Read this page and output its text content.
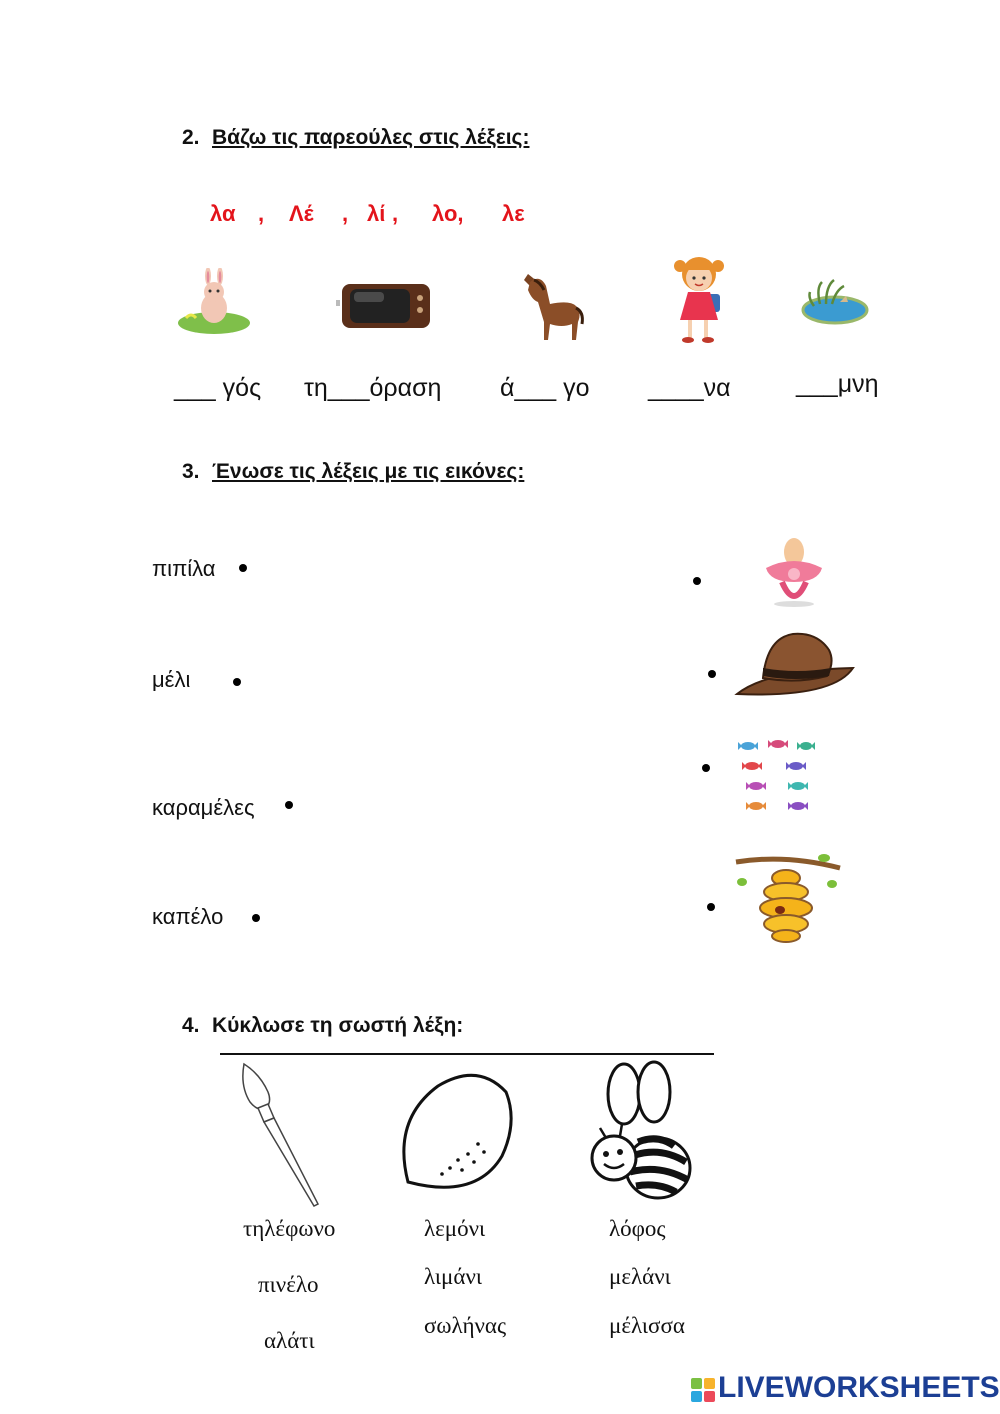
2. Βάζω τις παρεούλες στις λέξεις:
λα , Λέ , λί , λο, λε
___ γός τη___όραση ά___ γο ____να	___μνη
3. Ένωσε τις λέξεις με τις εικόνες:
πιπίλα
μέλι
καραμέλες
καπέλο
4. Κύκλωσε τη σωστή λέξη:
τηλέφωνο
πινέλο
αλάτι
λεμόνι
λιμάνι
σωλήνας
λόφος
μελάνι
μέλισσα
LIVEWORKSHEETS
